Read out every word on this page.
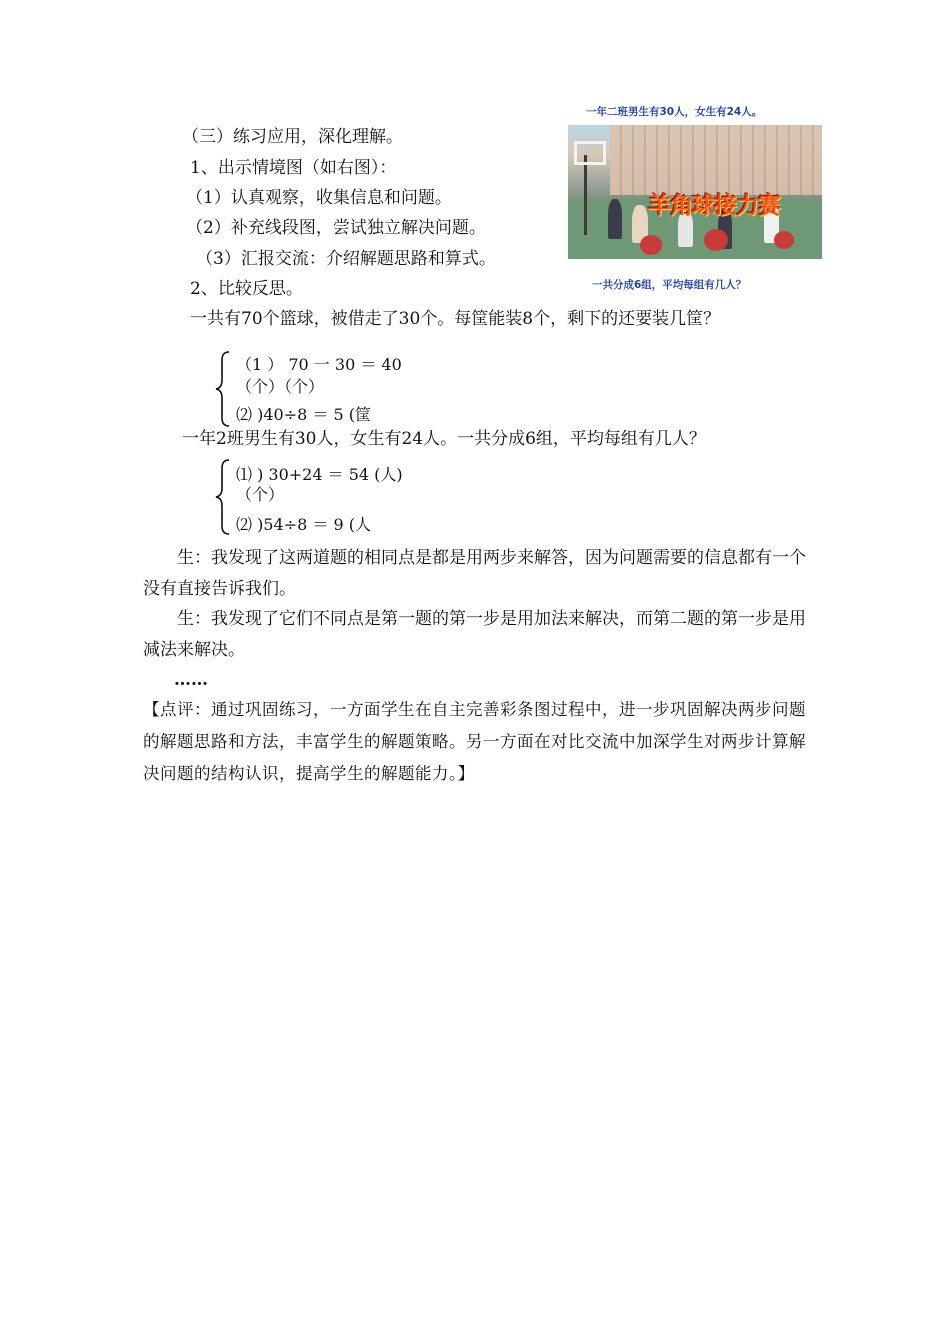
（三）练习应用，深化理解。
1、出示情境图（如右图）：
（1）认真观察，收集信息和问题。
（2）补充线段图，尝试独立解决问题。
（3）汇报交流：介绍解题思路和算式。
2、比较反思。
一年二班男生有30人，女生有24人。
羊角球接力赛
一共分成6组，平均每组有几人？
一共有70个篮球，被借走了30个。每筐能装8个，剩下的还要装几筐？
（1 ） 70 一 30 ＝ 40
（个）（个）
⑵ )40÷8 ＝ 5 (筐
一年2班男生有30人，女生有24人。一共分成6组，平均每组有几人？
⑴ ) 30+24 ＝ 54 (人)
（个）
⑵ )54÷8 ＝ 9 (人
生：我发现了这两道题的相同点是都是用两步来解答，因为问题需要的信息都有一个没有直接告诉我们。
生：我发现了它们不同点是第一题的第一步是用加法来解决，而第二题的第一步是用减法来解决。
……
【点评：通过巩固练习，一方面学生在自主完善彩条图过程中，进一步巩固解决两步问题的解题思路和方法，丰富学生的解题策略。另一方面在对比交流中加深学生对两步计算解决问题的结构认识，提高学生的解题能力。】
